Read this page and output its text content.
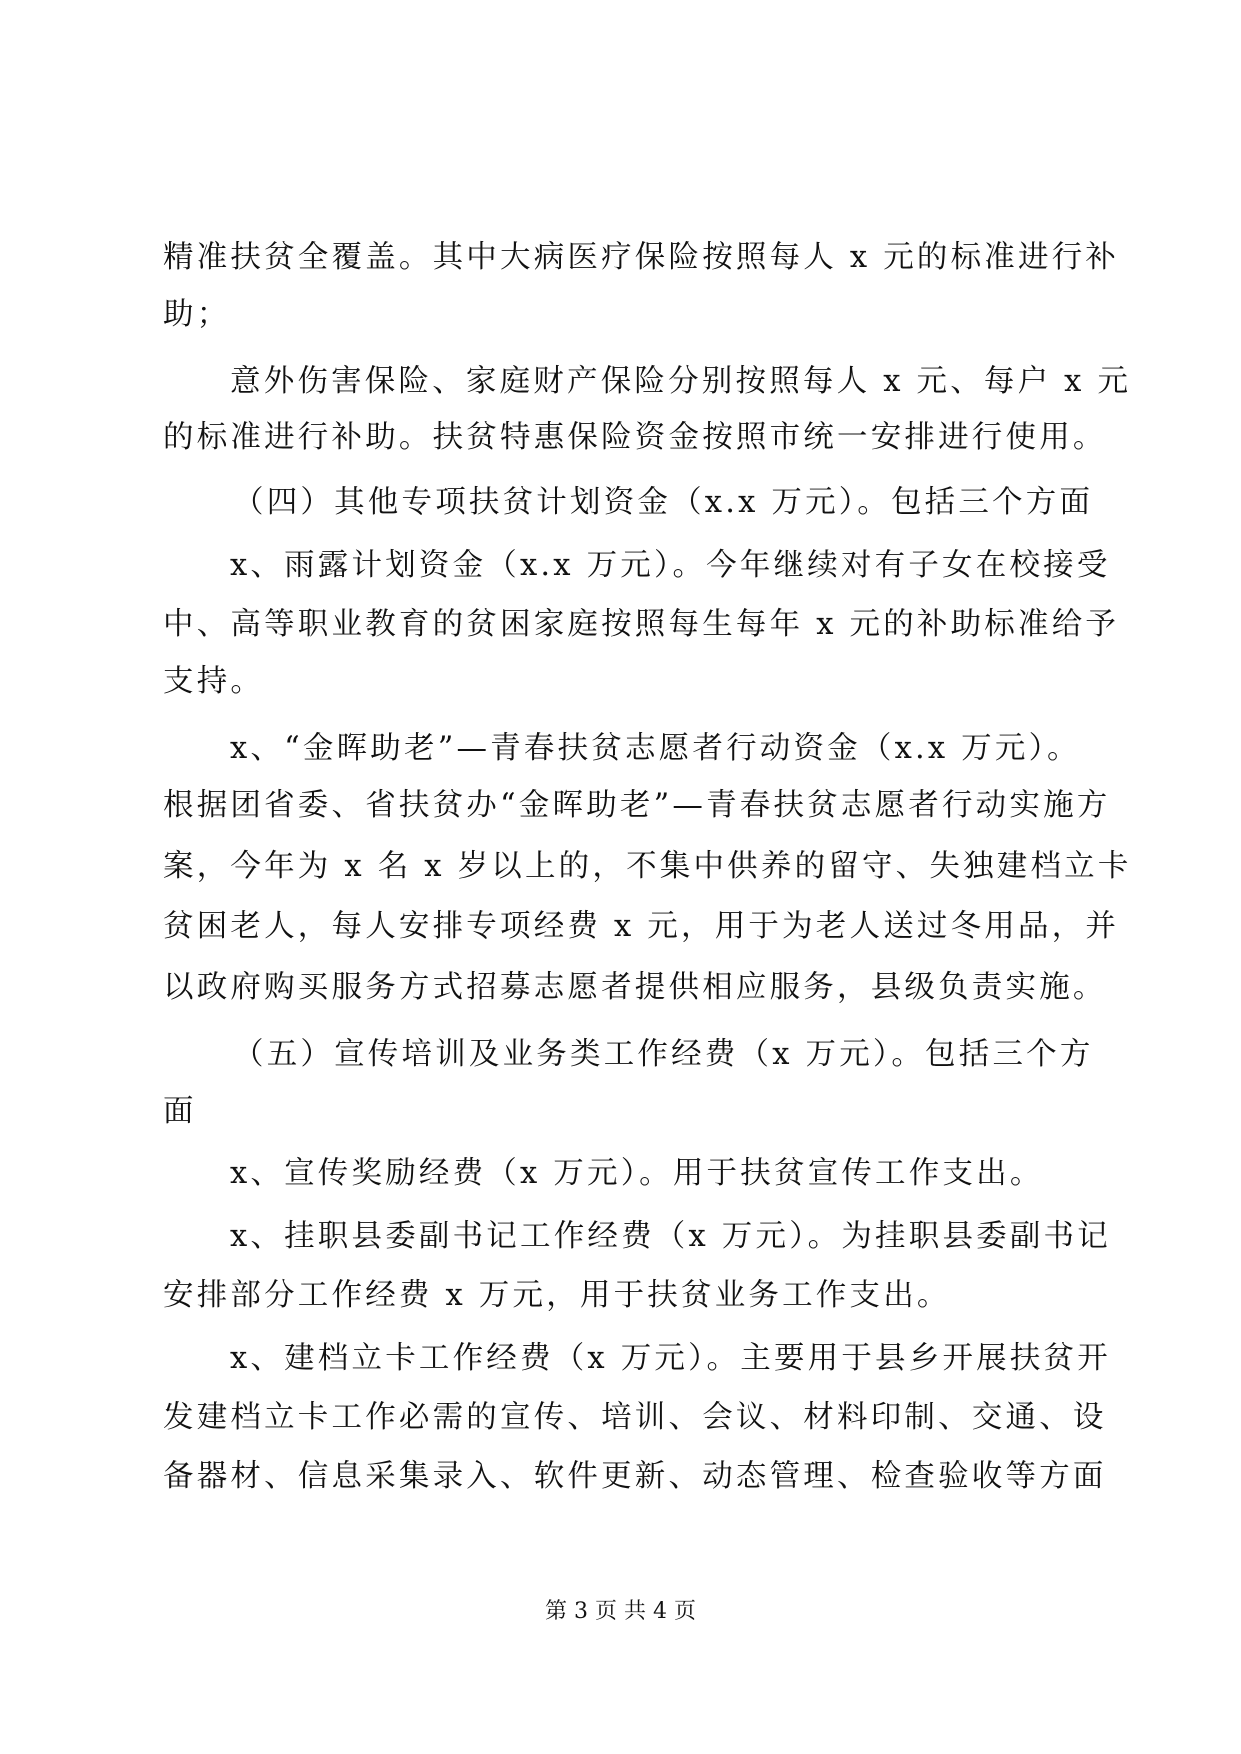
精准扶贫全覆盖。其中大病医疗保险按照每人 x 元的标准进行补
助；
意外伤害保险、家庭财产保险分别按照每人 x 元、每户 x 元
的标准进行补助。扶贫特惠保险资金按照市统一安排进行使用。
（四）其他专项扶贫计划资金（x.x 万元）。包括三个方面
x、雨露计划资金（x.x 万元）。今年继续对有子女在校接受
中、高等职业教育的贫困家庭按照每生每年 x 元的补助标准给予
支持。
x、“金晖助老”—青春扶贫志愿者行动资金（x.x 万元）。
根据团省委、省扶贫办“金晖助老”—青春扶贫志愿者行动实施方
案，今年为 x 名 x 岁以上的，不集中供养的留守、失独建档立卡
贫困老人，每人安排专项经费 x 元，用于为老人送过冬用品，并
以政府购买服务方式招募志愿者提供相应服务，县级负责实施。
（五）宣传培训及业务类工作经费（x 万元）。包括三个方
面
x、宣传奖励经费（x 万元）。用于扶贫宣传工作支出。
x、挂职县委副书记工作经费（x 万元）。为挂职县委副书记
安排部分工作经费 x 万元，用于扶贫业务工作支出。
x、建档立卡工作经费（x 万元）。主要用于县乡开展扶贫开
发建档立卡工作必需的宣传、培训、会议、材料印制、交通、设
备器材、信息采集录入、软件更新、动态管理、检查验收等方面
第 3 页 共 4 页
